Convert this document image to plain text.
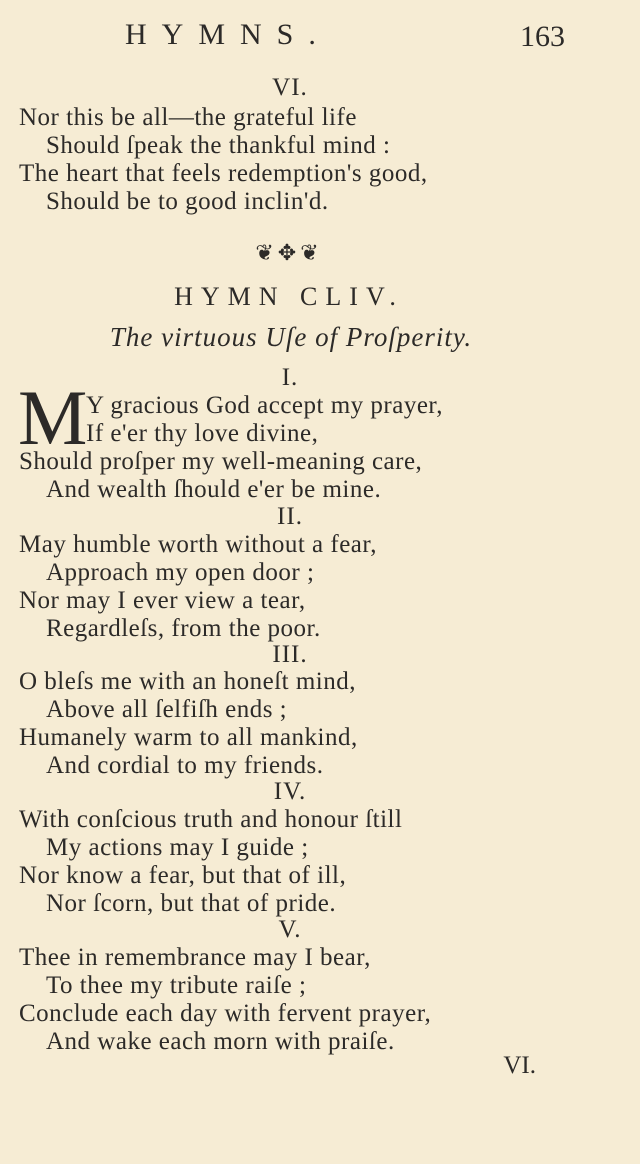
HYMNS.	163
VI.
Nor this be all—the grateful life
Should ſpeak the thankful mind :
The heart that feels redemption's good,
Should be to good inclin'd.
❦✥❦
HYMN CLIV.
The virtuous Uſe of Proſperity.
I.
M
Y gracious God accept my prayer,
If e'er thy love divine,
Should proſper my well-meaning care,
And wealth ſhould e'er be mine.
II.
May humble worth without a fear,
Approach my open door ;
Nor may I ever view a tear,
Regardleſs, from the poor.
III.
O bleſs me with an honeſt mind,
Above all ſelfiſh ends ;
Humanely warm to all mankind,
And cordial to my friends.
IV.
With conſcious truth and honour ſtill
My actions may I guide ;
Nor know a fear, but that of ill,
Nor ſcorn, but that of pride.
V.
Thee in remembrance may I bear,
To thee my tribute raiſe ;
Conclude each day with fervent prayer,
And wake each morn with praiſe.
VI.
